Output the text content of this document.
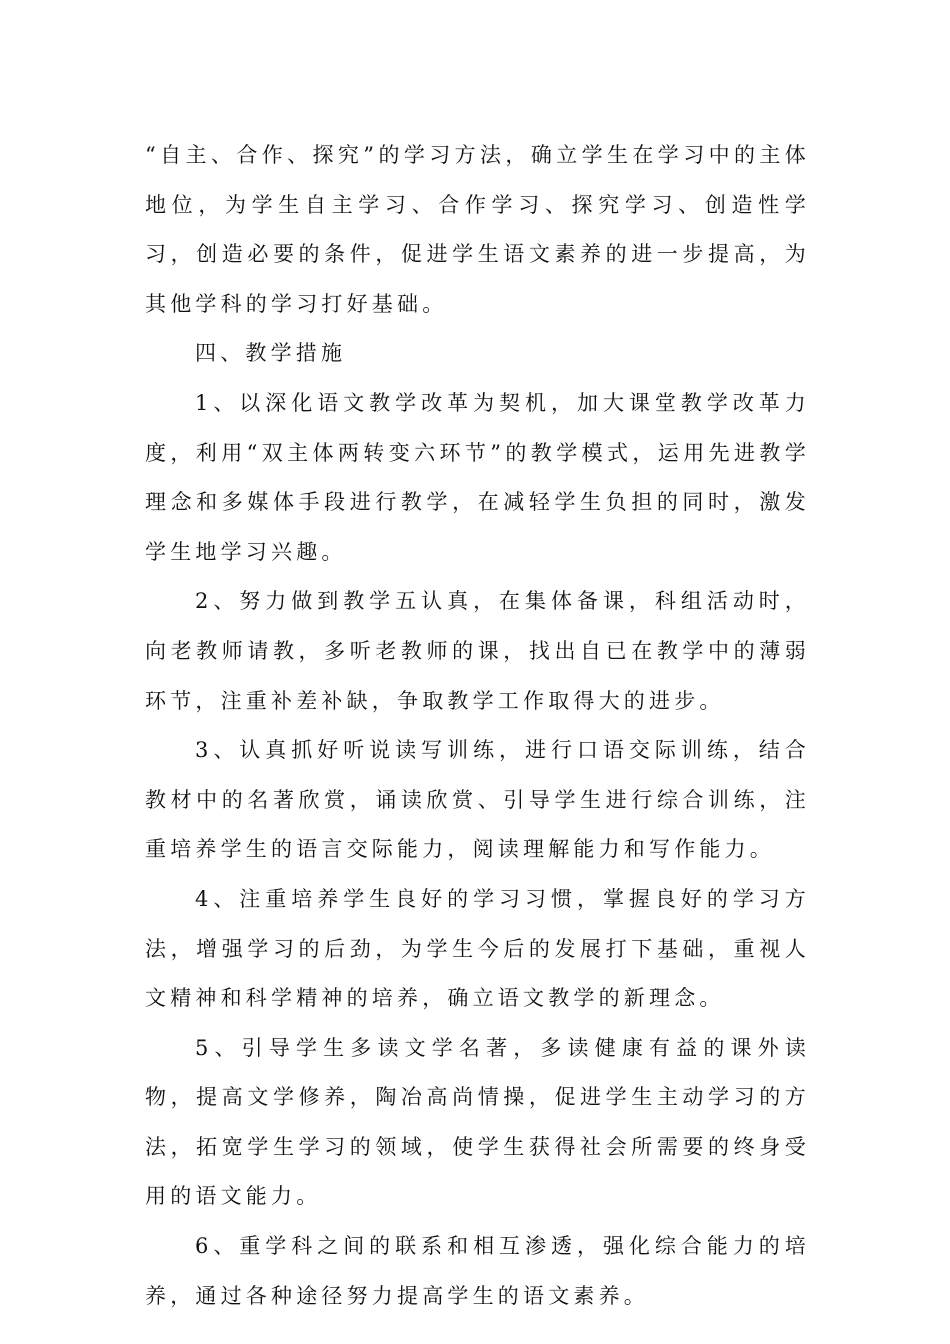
“自主、合作、探究”的学习方法，确立学生在学习中的主体地位，为学生自主学习、合作学习、探究学习、创造性学习，创造必要的条件，促进学生语文素养的进一步提高，为其他学科的学习打好基础。

四、教学措施

1、以深化语文教学改革为契机，加大课堂教学改革力度，利用“双主体两转变六环节”的教学模式，运用先进教学理念和多媒体手段进行教学，在减轻学生负担的同时，激发学生地学习兴趣。

2、努力做到教学五认真，在集体备课，科组活动时，向老教师请教，多听老教师的课，找出自已在教学中的薄弱环节，注重补差补缺，争取教学工作取得大的进步。

3、认真抓好听说读写训练，进行口语交际训练，结合教材中的名著欣赏，诵读欣赏、引导学生进行综合训练，注重培养学生的语言交际能力，阅读理解能力和写作能力。

4、注重培养学生良好的学习习惯，掌握良好的学习方法，增强学习的后劲，为学生今后的发展打下基础，重视人文精神和科学精神的培养，确立语文教学的新理念。

5、引导学生多读文学名著，多读健康有益的课外读物，提高文学修养，陶冶高尚情操，促进学生主动学习的方法，拓宽学生学习的领域，使学生获得社会所需要的终身受用的语文能力。

6、重学科之间的联系和相互渗透，强化综合能力的培养，通过各种途径努力提高学生的语文素养。
